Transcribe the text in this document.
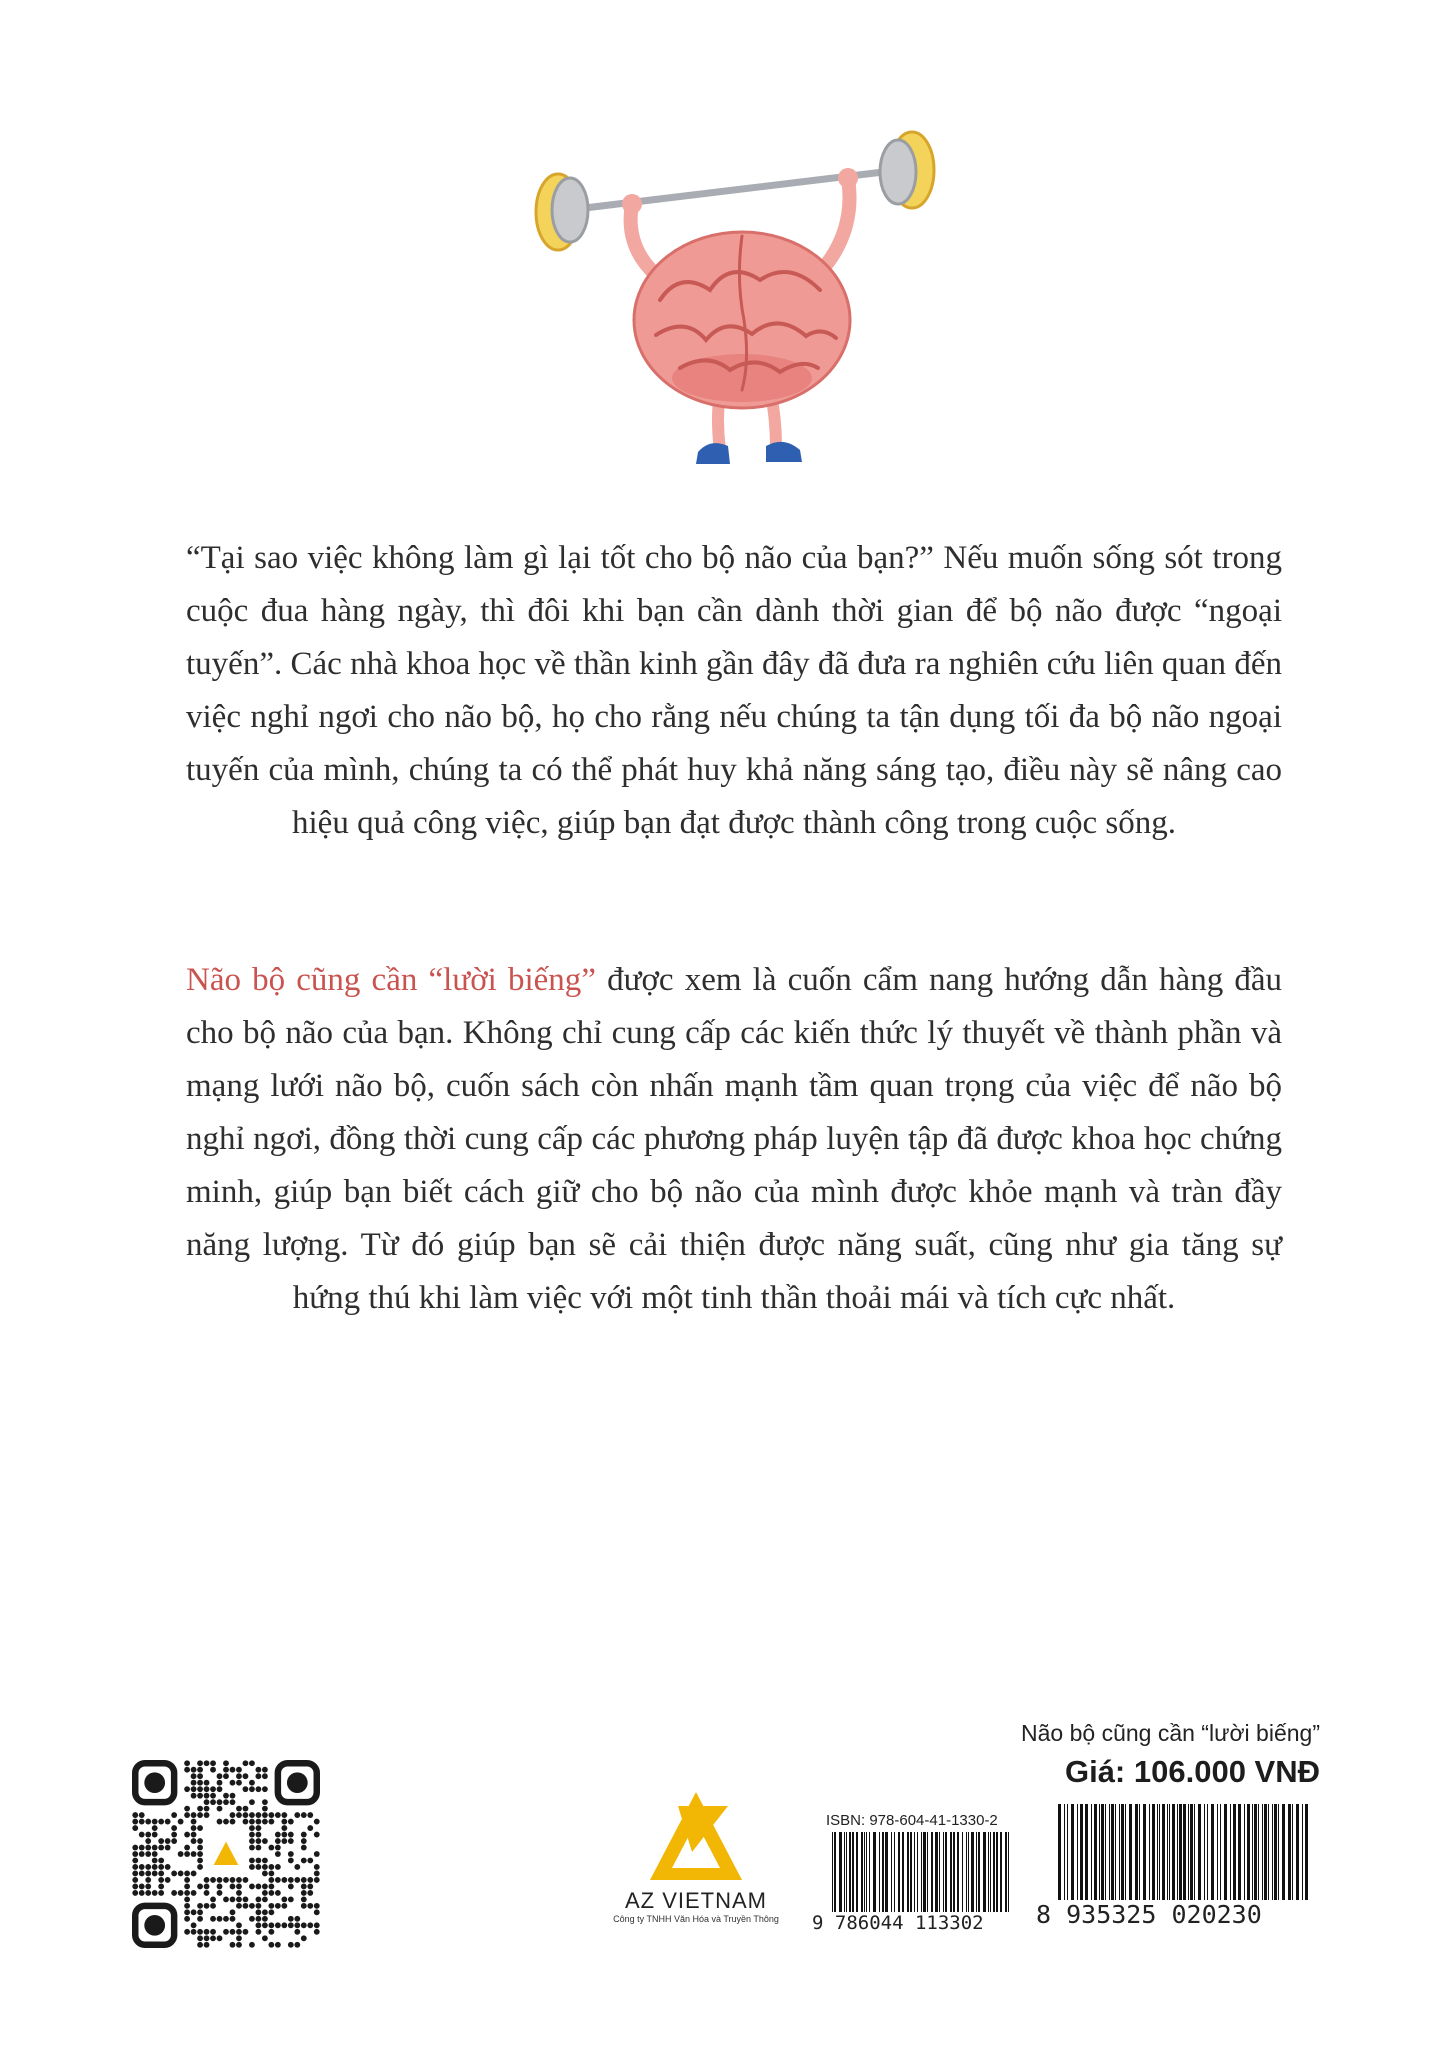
“Tại sao việc không làm gì lại tốt cho bộ não của bạn?” Nếu muốn sống sót trong cuộc đua hàng ngày, thì đôi khi bạn cần dành thời gian để bộ não được “ngoại tuyến”. Các nhà khoa học về thần kinh gần đây đã đưa ra nghiên cứu liên quan đến việc nghỉ ngơi cho não bộ, họ cho rằng nếu chúng ta tận dụng tối đa bộ não ngoại tuyến của mình, chúng ta có thể phát huy khả năng sáng tạo, điều này sẽ nâng cao hiệu quả công việc, giúp bạn đạt được thành công trong cuộc sống.
Não bộ cũng cần “lười biếng” được xem là cuốn cẩm nang hướng dẫn hàng đầu cho bộ não của bạn. Không chỉ cung cấp các kiến thức lý thuyết về thành phần và mạng lưới não bộ, cuốn sách còn nhấn mạnh tầm quan trọng của việc để não bộ nghỉ ngơi, đồng thời cung cấp các phương pháp luyện tập đã được khoa học chứng minh, giúp bạn biết cách giữ cho bộ não của mình được khỏe mạnh và tràn đầy năng lượng. Từ đó giúp bạn sẽ cải thiện được năng suất, cũng như gia tăng sự hứng thú khi làm việc với một tinh thần thoải mái và tích cực nhất.
AZ VIETNAM
Công ty TNHH Văn Hóa và Truyền Thông
ISBN: 978-604-41-1330-2
9 786044 113302
Não bộ cũng cần “lười biếng”
Giá: 106.000 VNĐ
8 935325 020230
